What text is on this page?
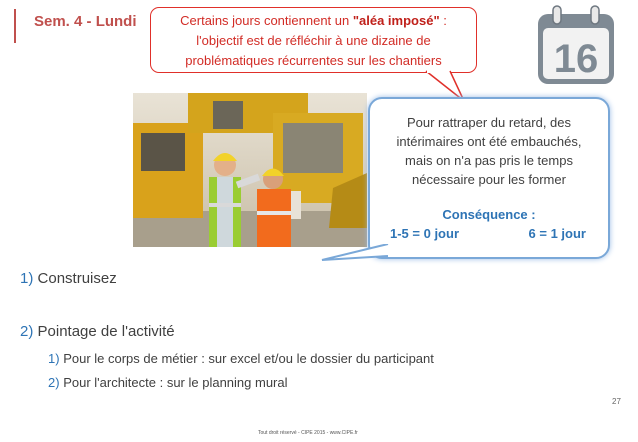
Sem. 4 - Lundi	Certains jours contiennent un "aléa imposé" :
l'objectif est de réfléchir à une dizaine de
problématiques récurrentes sur les chantiers	16
Pour rattraper du retard, des
intérimaires ont été embauchés,
mais on n'a pas pris le temps
nécessaire pour les former
Conséquence :
1-5 = 0 jour	6 = 1 jour
1) Construisez
2) Pointage de l'activité
1) Pour le corps de métier : sur excel et/ou le dossier du participant
2) Pour l'architecte : sur le planning mural
27
Tout droit réservé - CIPE 2015 - www.CIPE.fr
